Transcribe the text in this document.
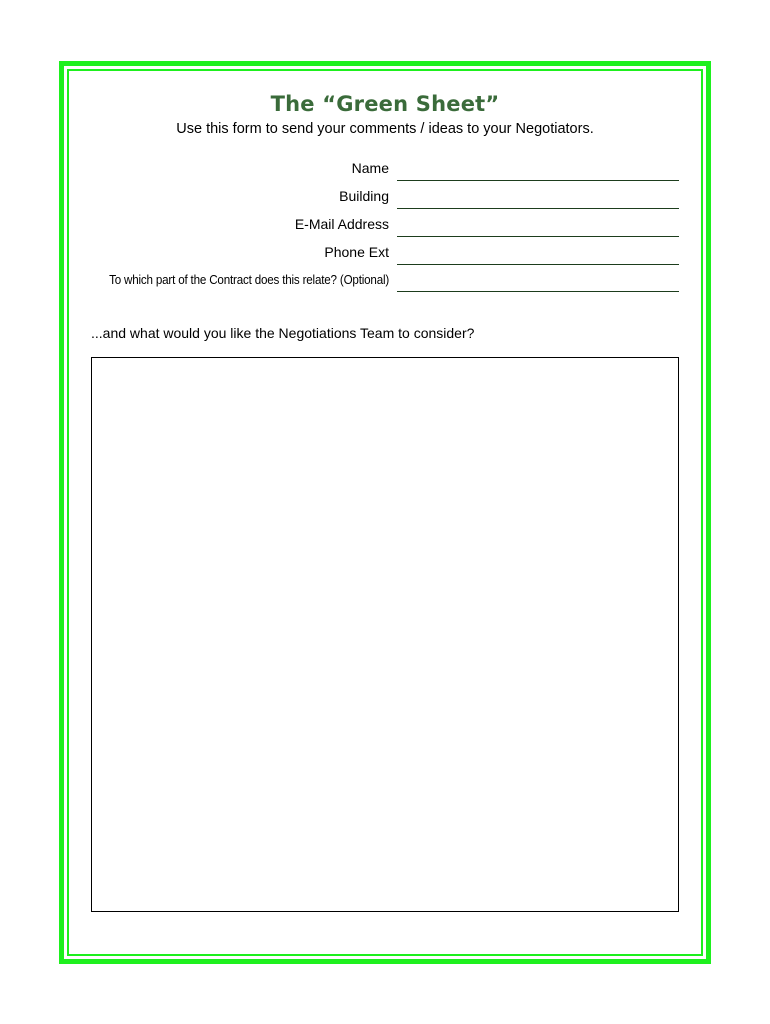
The “Green Sheet”

Use this form to send your comments / ideas to your Negotiators.

Name
Building
E-Mail Address
Phone Ext
To which part of the Contract does this relate? (Optional)

...and what would you like the Negotiations Team to consider?
